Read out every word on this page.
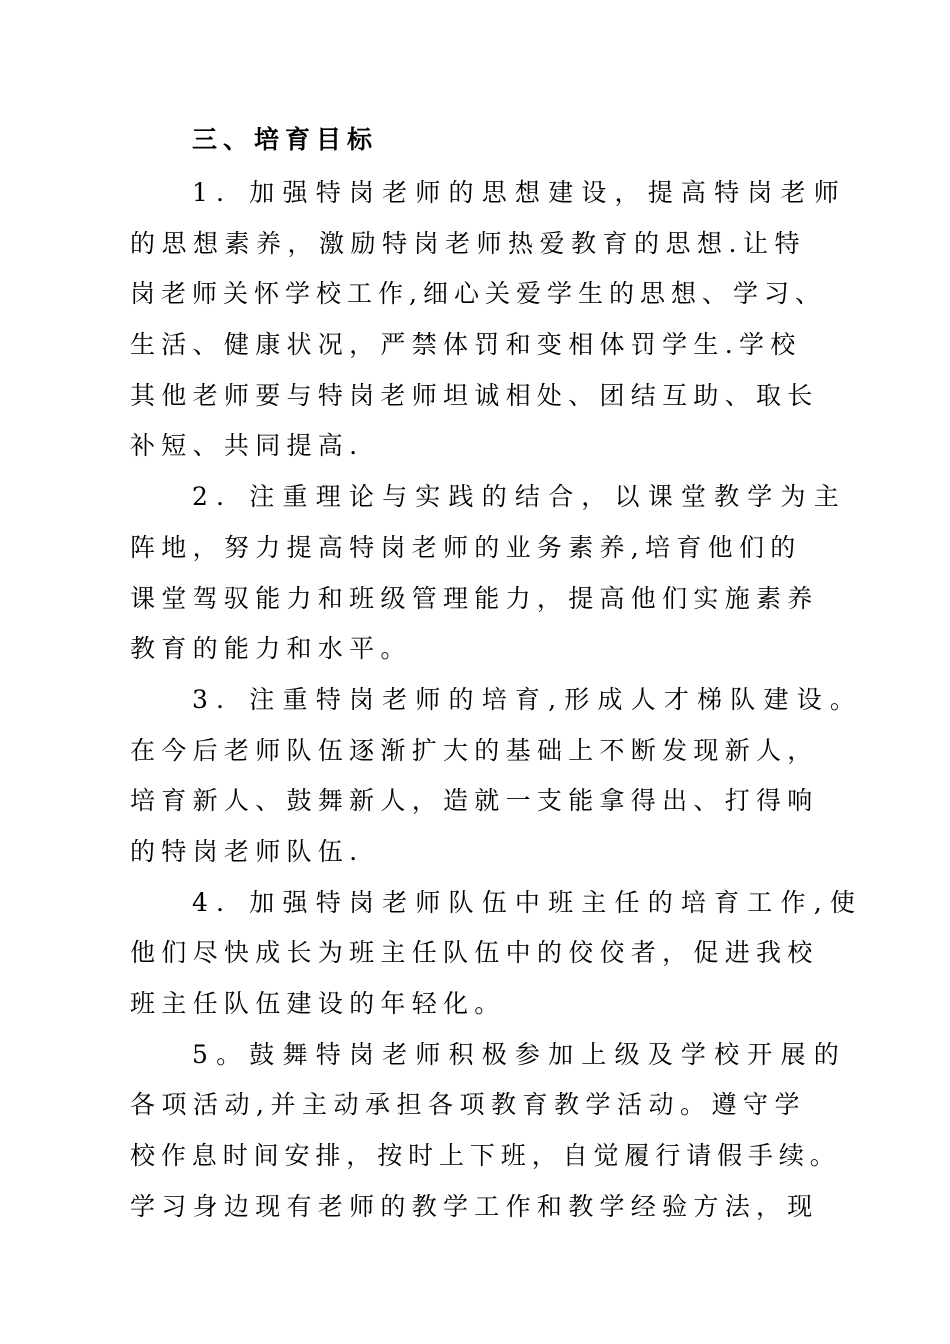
三、培育目标
1．加强特岗老师的思想建设，提高特岗老师
的思想素养，激励特岗老师热爱教育的思想.让特
岗老师关怀学校工作,细心关爱学生的思想、学习、
生活、健康状况，严禁体罚和变相体罚学生.学校
其他老师要与特岗老师坦诚相处、团结互助、取长
补短、共同提高.
2．注重理论与实践的结合，以课堂教学为主
阵地，努力提高特岗老师的业务素养,培育他们的
课堂驾驭能力和班级管理能力，提高他们实施素养
教育的能力和水平。
3．注重特岗老师的培育,形成人才梯队建设。
在今后老师队伍逐渐扩大的基础上不断发现新人，
培育新人、鼓舞新人，造就一支能拿得出、打得响
的特岗老师队伍.
4．加强特岗老师队伍中班主任的培育工作,使
他们尽快成长为班主任队伍中的佼佼者，促进我校
班主任队伍建设的年轻化。
5。鼓舞特岗老师积极参加上级及学校开展的
各项活动,并主动承担各项教育教学活动。遵守学
校作息时间安排，按时上下班，自觉履行请假手续。
学习身边现有老师的教学工作和教学经验方法，现
